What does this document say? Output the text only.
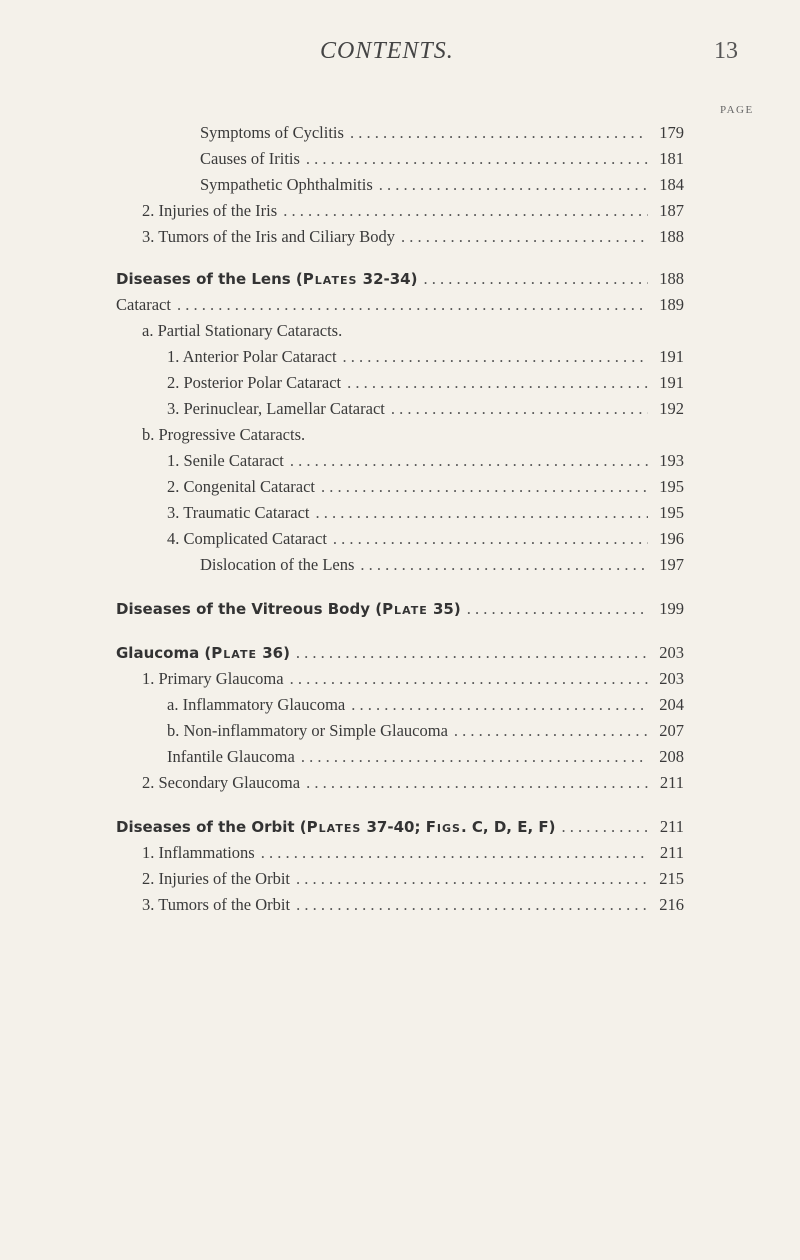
CONTENTS.	13
PAGE
Symptoms of Cyclitis . . .	179
Causes of Iritis . . .	181
Sympathetic Ophthalmitis . . .	184
2. Injuries of the Iris . . .	187
3. Tumors of the Iris and Ciliary Body . . .	188
Diseases of the Lens (Plates 32-34) . . .	188
Cataract . . .	189
a. Partial Stationary Cataracts.
1. Anterior Polar Cataract . . .	191
2. Posterior Polar Cataract . . .	191
3. Perinuclear, Lamellar Cataract . . .	192
b. Progressive Cataracts.
1. Senile Cataract . . .	193
2. Congenital Cataract . . .	195
3. Traumatic Cataract . . .	195
4. Complicated Cataract . . .	196
Dislocation of the Lens . . .	197
Diseases of the Vitreous Body (Plate 35) . . .	199
Glaucoma (Plate 36) . . .	203
1. Primary Glaucoma . . .	203
a. Inflammatory Glaucoma . . .	204
b. Non-inflammatory or Simple Glaucoma . . .	207
Infantile Glaucoma . . .	208
2. Secondary Glaucoma . . .	211
Diseases of the Orbit (Plates 37-40; Figs. C, D, E, F) . . .	211
1. Inflammations . . .	211
2. Injuries of the Orbit . . .	215
3. Tumors of the Orbit . . .	216
